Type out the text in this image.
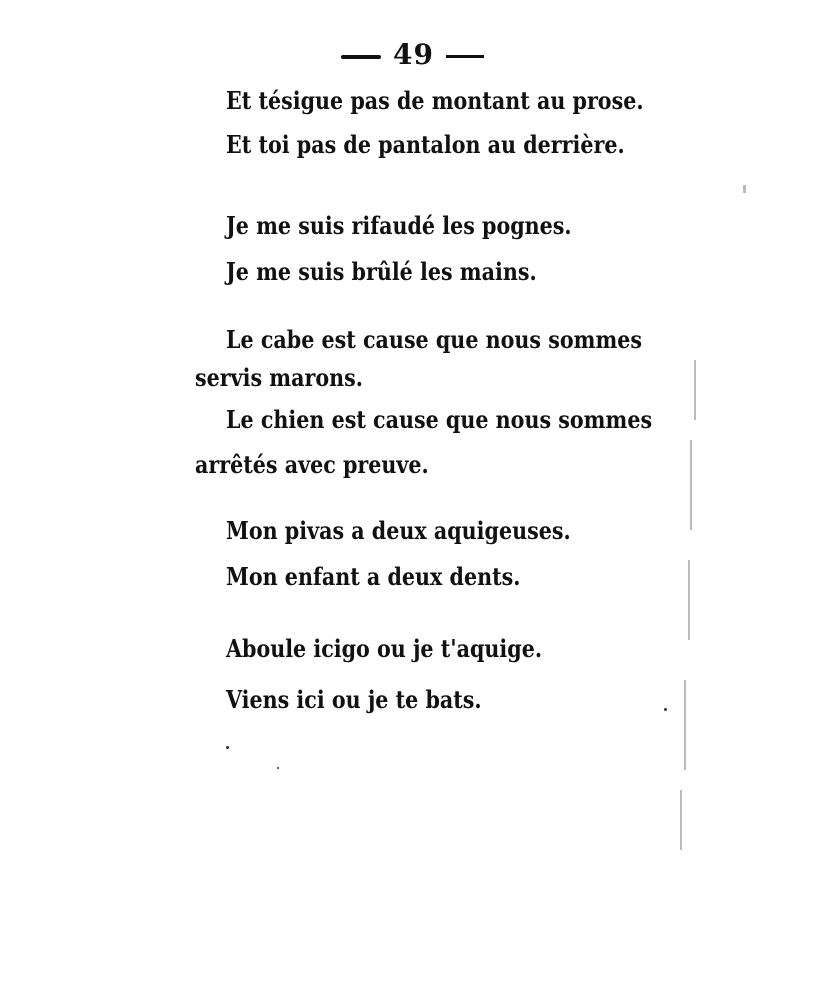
49
Et tésigue pas de montant au prose.
Et toi pas de pantalon au derrière.
Je me suis rifaudé les pognes.
Je me suis brûlé les mains.
Le cabe est cause que nous sommes
servis marons.
Le chien est cause que nous sommes
arrêtés avec preuve.
Mon pivas a deux aquigeuses.
Mon enfant a deux dents.
Aboule icigo ou je t'aquige.
Viens ici ou je te bats.
